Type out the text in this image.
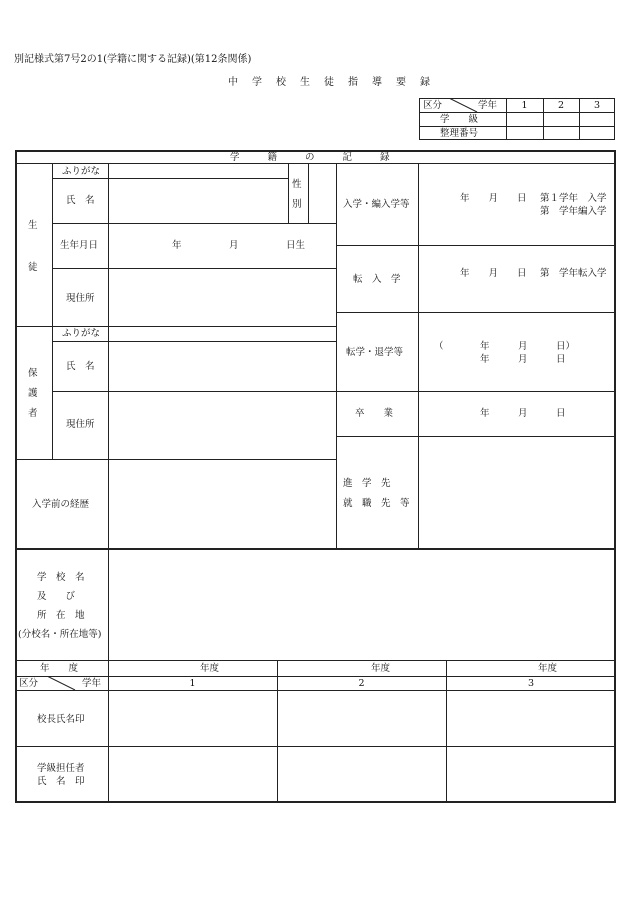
別記様式第7号2の1(学籍に関する記録)(第12条関係)
中　学　校　生　徒　指　導　要　録
区分	学年	1	2	3
学　　級
整理番号
学　　籍　　の　　記　　録
生
徒
ふりがな
氏　名
性
別
生年月日	年　　　　　月　　　　　日生
現住所
保
護
者
ふりがな
氏　名
現住所
入学前の経歴
入学・編入学等
年　　月　　日 第１学年　入学
第　学年編入学
転　入　学
年　　月　　日 第　学年転入学
転学・退学等
（	年　　　月　　　日）
年　　　月　　　日
卒　　業	年　　　月　　　日
進　学　先
就　職　先　等
学　校　名
及　　び
所　在　地
(分校名・所在地等)
年　　度	年度	年度	年度
区分	学年	1	2	3
校長氏名印
学級担任者
氏　名　印
